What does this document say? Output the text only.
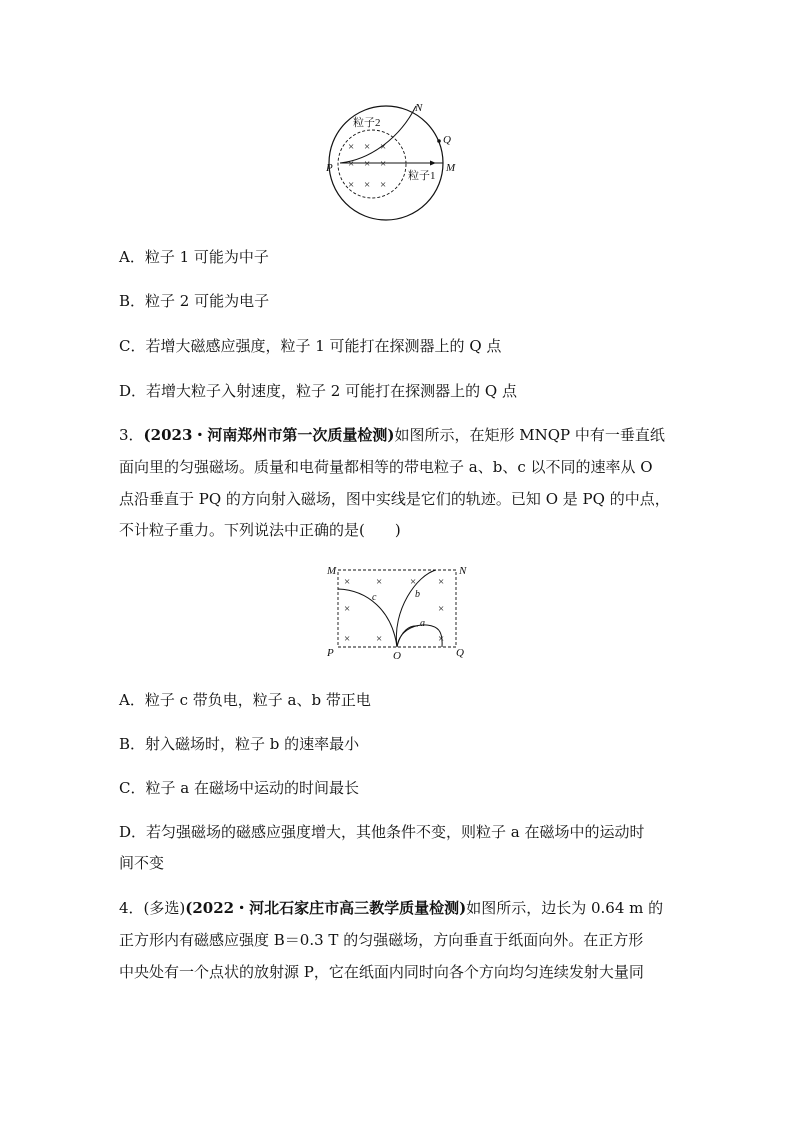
× × ×
× × ×
× × ×
粒子2
粒子1
N
Q
P	M
A．粒子 1 可能为中子
B．粒子 2 可能为电子
C．若增大磁感应强度，粒子 1 可能打在探测器上的 Q 点
D．若增大粒子入射速度，粒子 2 可能打在探测器上的 Q 点
3．(2023・河南郑州市第一次质量检测)如图所示，在矩形 MNQP 中有一垂直纸
面向里的匀强磁场。质量和电荷量都相等的带电粒子 a、b、c 以不同的速率从 O
点沿垂直于 PQ 的方向射入磁场，图中实线是它们的轨迹。已知 O 是 PQ 的中点，
不计粒子重力。下列说法中正确的是(　　)
× ×	× ×
×	×
× ×	×
M	N
P	O	Q
a
b
c
A．粒子 c 带负电，粒子 a、b 带正电
B．射入磁场时，粒子 b 的速率最小
C．粒子 a 在磁场中运动的时间最长
D．若匀强磁场的磁感应强度增大，其他条件不变，则粒子 a 在磁场中的运动时
间不变
4．(多选)(2022・河北石家庄市高三教学质量检测)如图所示，边长为 0.64 m 的
正方形内有磁感应强度 B＝0.3 T 的匀强磁场，方向垂直于纸面向外。在正方形
中央处有一个点状的放射源 P，它在纸面内同时向各个方向均匀连续发射大量同
